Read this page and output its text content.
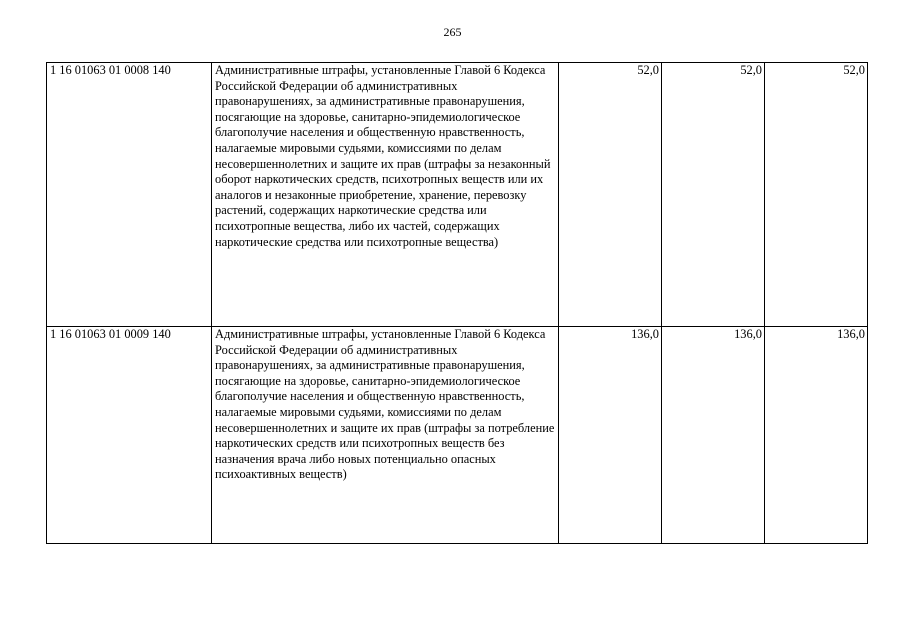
265
1 16 01063 01 0008 140	Административные штрафы, установленные Главой 6 Кодекса Российской Федерации об административных правонарушениях, за административные правонарушения, посягающие на здоровье, санитарно-эпидемиологическое благополучие населения и общественную нравственность, налагаемые мировыми судьями, комиссиями по делам несовершеннолетних и защите их прав (штрафы за незаконный оборот наркотических средств, психотропных веществ или их аналогов и незаконные приобретение, хранение, перевозку растений, содержащих наркотические средства или психотропные вещества, либо их частей, содержащих наркотические средства или психотропные вещества)	52,0	52,0	52,0
1 16 01063 01 0009 140	Административные штрафы, установленные Главой 6 Кодекса Российской Федерации об административных правонарушениях, за административные правонарушения, посягающие на здоровье, санитарно-эпидемиологическое благополучие населения и общественную нравственность, налагаемые мировыми судьями, комиссиями по делам несовершеннолетних и защите их прав (штрафы за потребление наркотических средств или психотропных веществ без назначения врача либо новых потенциально опасных психоактивных веществ)	136,0	136,0	136,0
